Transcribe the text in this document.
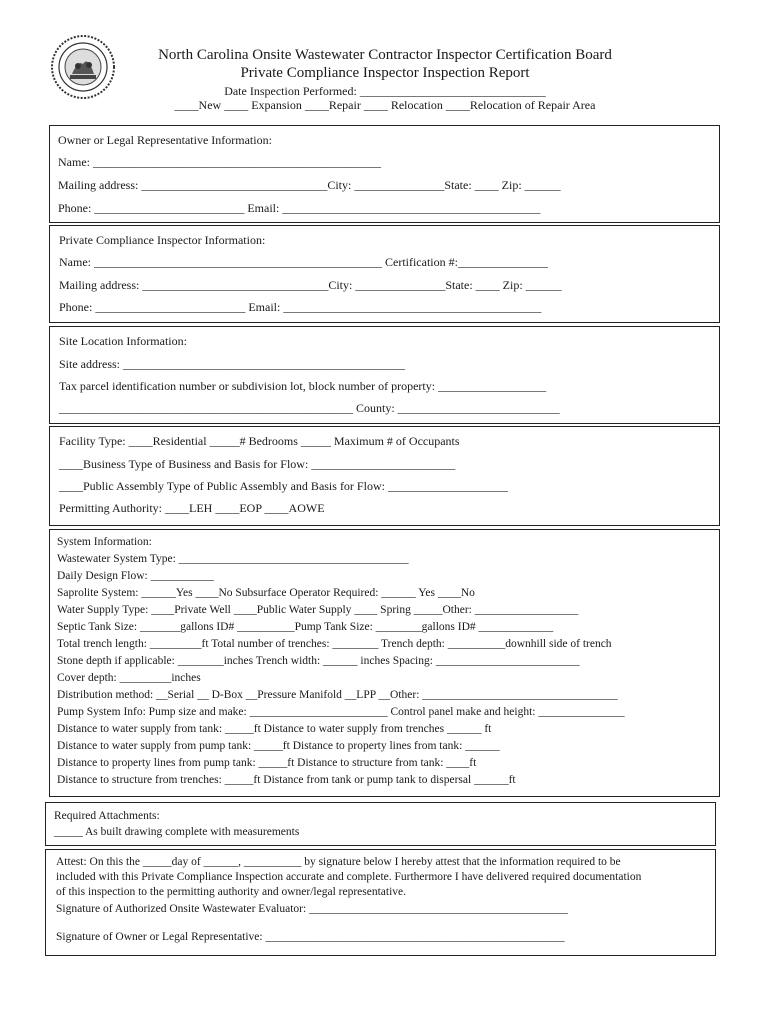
North Carolina Onsite Wastewater Contractor Inspector Certification Board
Private Compliance Inspector Inspection Report
Date Inspection Performed: _______________________________
____New ____ Expansion ____Repair ____ Relocation ____Relocation of Repair Area
Owner or Legal Representative Information:
Name: ________________________________________________
Mailing address: _______________________________City: _______________State: ____ Zip: ______
Phone: _________________________ Email: ___________________________________________
Private Compliance Inspector Information:
Name: ________________________________________________ Certification #:_______________
Mailing address: _______________________________City: _______________State: ____ Zip: ______
Phone: _________________________ Email: ___________________________________________
Site Location Information:
Site address: _______________________________________________
Tax parcel identification number or subdivision lot, block number of property: __________________
_________________________________________________ County: ___________________________
Facility Type: ____Residential _____# Bedrooms _____ Maximum # of Occupants
____Business Type of Business and Basis for Flow: ________________________
____Public Assembly Type of Public Assembly and Basis for Flow: ____________________
Permitting Authority: ____LEH ____EOP ____AOWE
System Information:
Wastewater System Type: ________________________________________
Daily Design Flow: ___________
Saprolite System: ______Yes ____No Subsurface Operator Required: ______ Yes ____No
Water Supply Type: ____Private Well ____Public Water Supply ____ Spring _____Other: __________________
Septic Tank Size: _______gallons ID# __________Pump Tank Size: ________gallons ID# _____________
Total trench length: _________ft Total number of trenches: ________ Trench depth: __________downhill side of trench
Stone depth if applicable: ________inches Trench width: ______ inches Spacing: _________________________
Cover depth: _________inches
Distribution method: __Serial __ D-Box __Pressure Manifold __LPP __Other: __________________________________
Pump System Info: Pump size and make: ________________________ Control panel make and height: _______________
Distance to water supply from tank: _____ft Distance to water supply from trenches ______ ft
Distance to water supply from pump tank: _____ft Distance to property lines from tank: ______
Distance to property lines from pump tank: _____ft Distance to structure from tank: ____ft
Distance to structure from trenches: _____ft Distance from tank or pump tank to dispersal ______ft
Required Attachments:
_____ As built drawing complete with measurements
Attest: On this the _____day of ______, __________ by signature below I hereby attest that the information required to be
included with this Private Compliance Inspection accurate and complete. Furthermore I have delivered required documentation
of this inspection to the permitting authority and owner/legal representative.
Signature of Authorized Onsite Wastewater Evaluator: _____________________________________________
Signature of Owner or Legal Representative: ____________________________________________________
